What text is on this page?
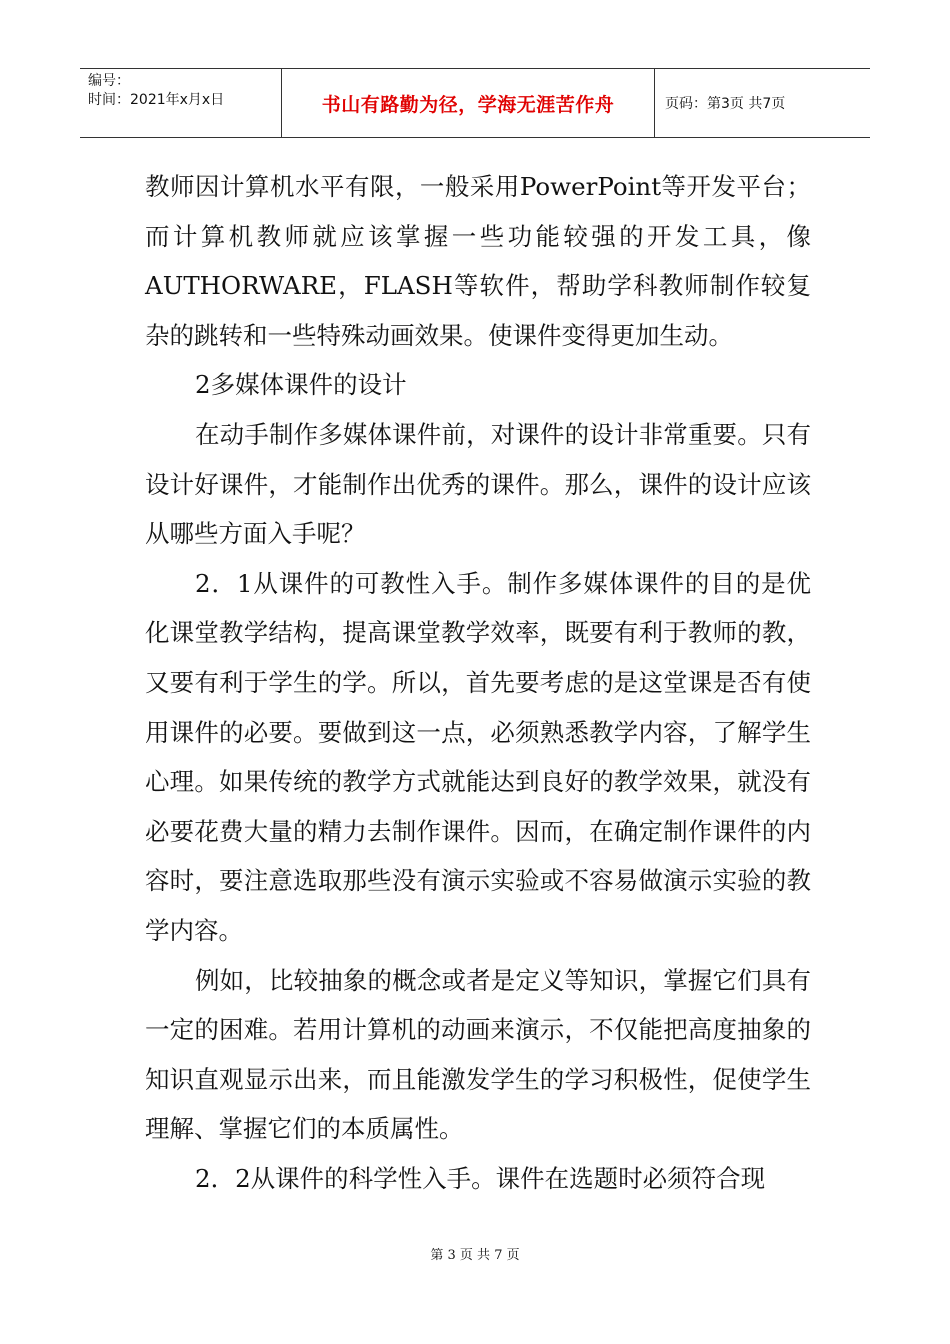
编号：
时间：2021年x月x日	书山有路勤为径，学海无涯苦作舟	页码：第3页 共7页

教师因计算机水平有限，一般采用PowerPoint等开发平台；而计算机教师就应该掌握一些功能较强的开发工具，像AUTHORWARE，FLASH等软件，帮助学科教师制作较复杂的跳转和一些特殊动画效果。使课件变得更加生动。

2多媒体课件的设计

在动手制作多媒体课件前，对课件的设计非常重要。只有设计好课件，才能制作出优秀的课件。那么，课件的设计应该从哪些方面入手呢？

2．1从课件的可教性入手。制作多媒体课件的目的是优化课堂教学结构，提高课堂教学效率，既要有利于教师的教，又要有利于学生的学。所以，首先要考虑的是这堂课是否有使用课件的必要。要做到这一点，必须熟悉教学内容，了解学生心理。如果传统的教学方式就能达到良好的教学效果，就没有必要花费大量的精力去制作课件。因而，在确定制作课件的内容时，要注意选取那些没有演示实验或不容易做演示实验的教学内容。

例如，比较抽象的概念或者是定义等知识，掌握它们具有一定的困难。若用计算机的动画来演示，不仅能把高度抽象的知识直观显示出来，而且能激发学生的学习积极性，促使学生理解、掌握它们的本质属性。

2．2从课件的科学性入手。课件在选题时必须符合现

第 3 页 共 7 页
